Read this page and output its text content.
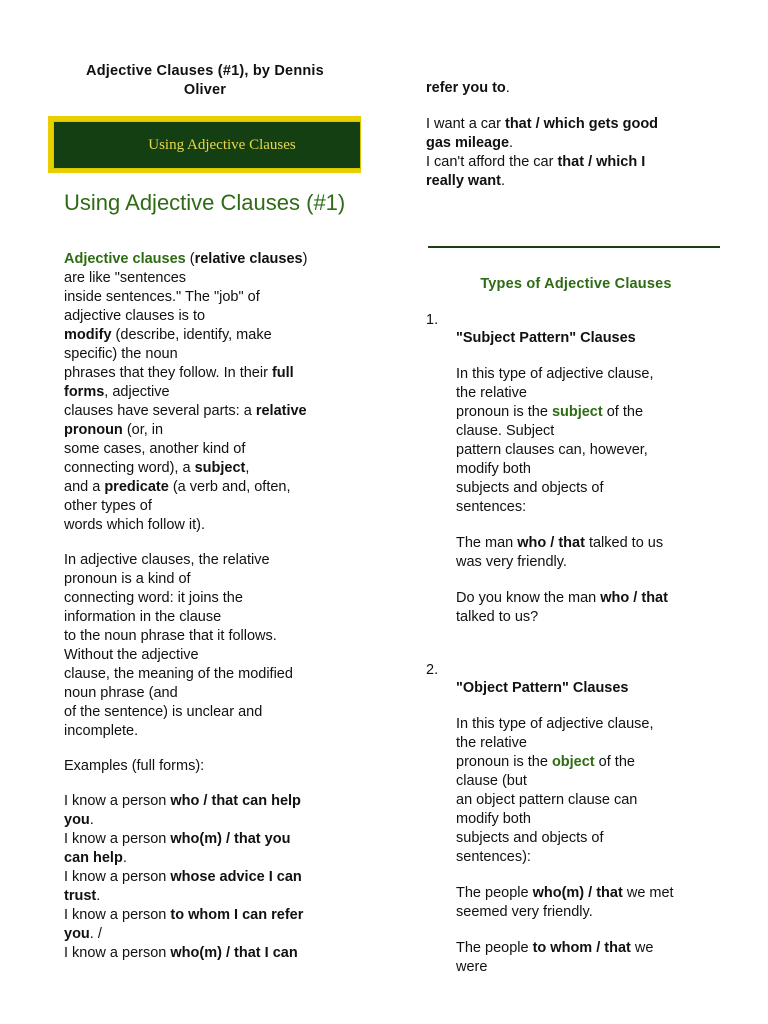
Adjective Clauses (#1), by Dennis
Oliver
Using Adjective Clauses
Using Adjective Clauses (#1)

Adjective clauses (relative clauses)
are like "sentences
inside sentences." The "job" of
adjective clauses is to
modify (describe, identify, make
specific) the noun
phrases that they follow. In their full
forms, adjective
clauses have several parts: a relative
pronoun (or, in
some cases, another kind of
connecting word), a subject,
and a predicate (a verb and, often,
other types of
words which follow it).

In adjective clauses, the relative
pronoun is a kind of
connecting word: it joins the
information in the clause
to the noun phrase that it follows.
Without the adjective
clause, the meaning of the modified
noun phrase (and
of the sentence) is unclear and
incomplete.

Examples (full forms):

I know a person who / that can help
you.
I know a person who(m) / that you
can help.
I know a person whose advice I can
trust.
I know a person to whom I can refer
you. /
I know a person who(m) / that I can

refer you to.
I want a car that / which gets good
gas mileage.
I can't afford the car that / which I
really want.
Types of Adjective Clauses
1.
"Subject Pattern" Clauses
In this type of adjective clause,
the relative
pronoun is the subject of the
clause. Subject
pattern clauses can, however,
modify both
subjects and objects of
sentences:
The man who / that talked to us
was very friendly.
Do you know the man who / that
talked to us?
2.
"Object Pattern" Clauses
In this type of adjective clause,
the relative
pronoun is the object of the
clause (but
an object pattern clause can
modify both
subjects and objects of
sentences):
The people who(m) / that we met
seemed very friendly.
The people to whom / that we
were
